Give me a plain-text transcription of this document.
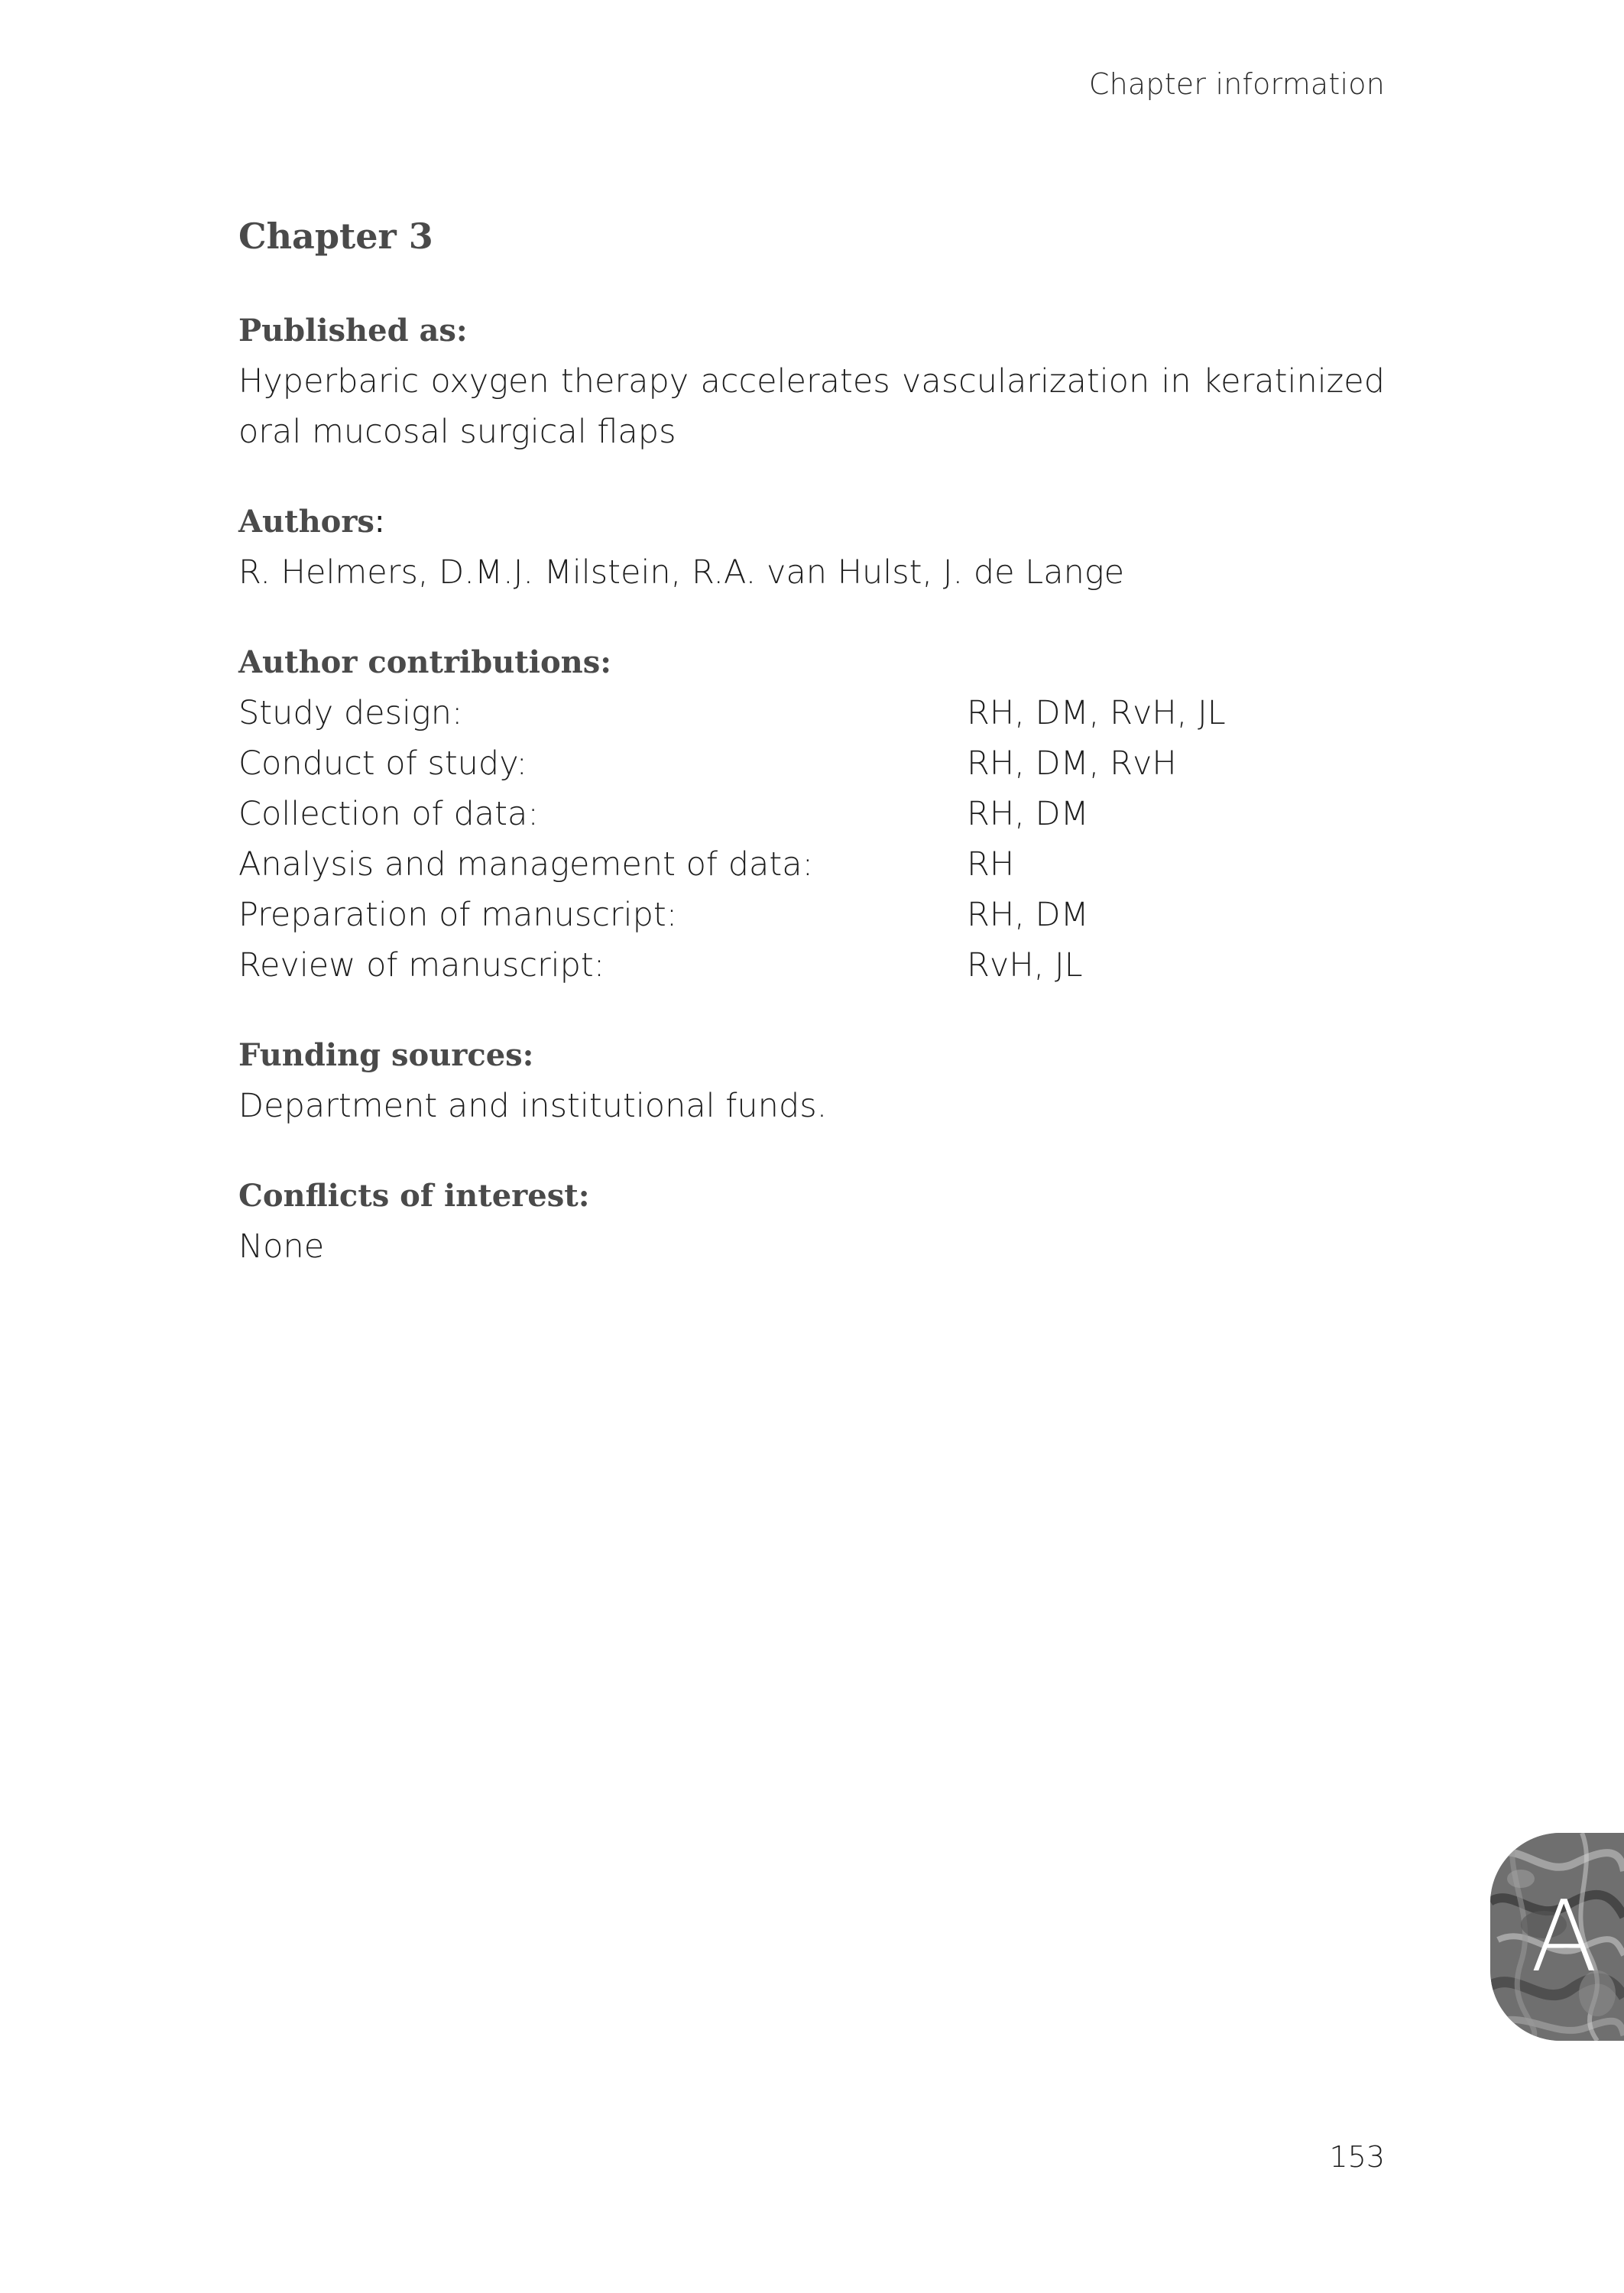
Chapter information
Chapter 3
Published as:

Hyperbaric oxygen therapy accelerates vascularization in keratinized oral mucosal surgical flaps

Authors:

R. Helmers, D.M.J. Milstein, R.A. van Hulst, J. de Lange

Author contributions:
Study design:	RH, DM, RvH, JL
Conduct of study:	RH, DM, RvH
Collection of data:	RH, DM
Analysis and management of data:	RH
Preparation of manuscript:	RH, DM
Review of manuscript:	RvH, JL
Funding sources:

Department and institutional funds.

Conflicts of interest:

None

A
153
